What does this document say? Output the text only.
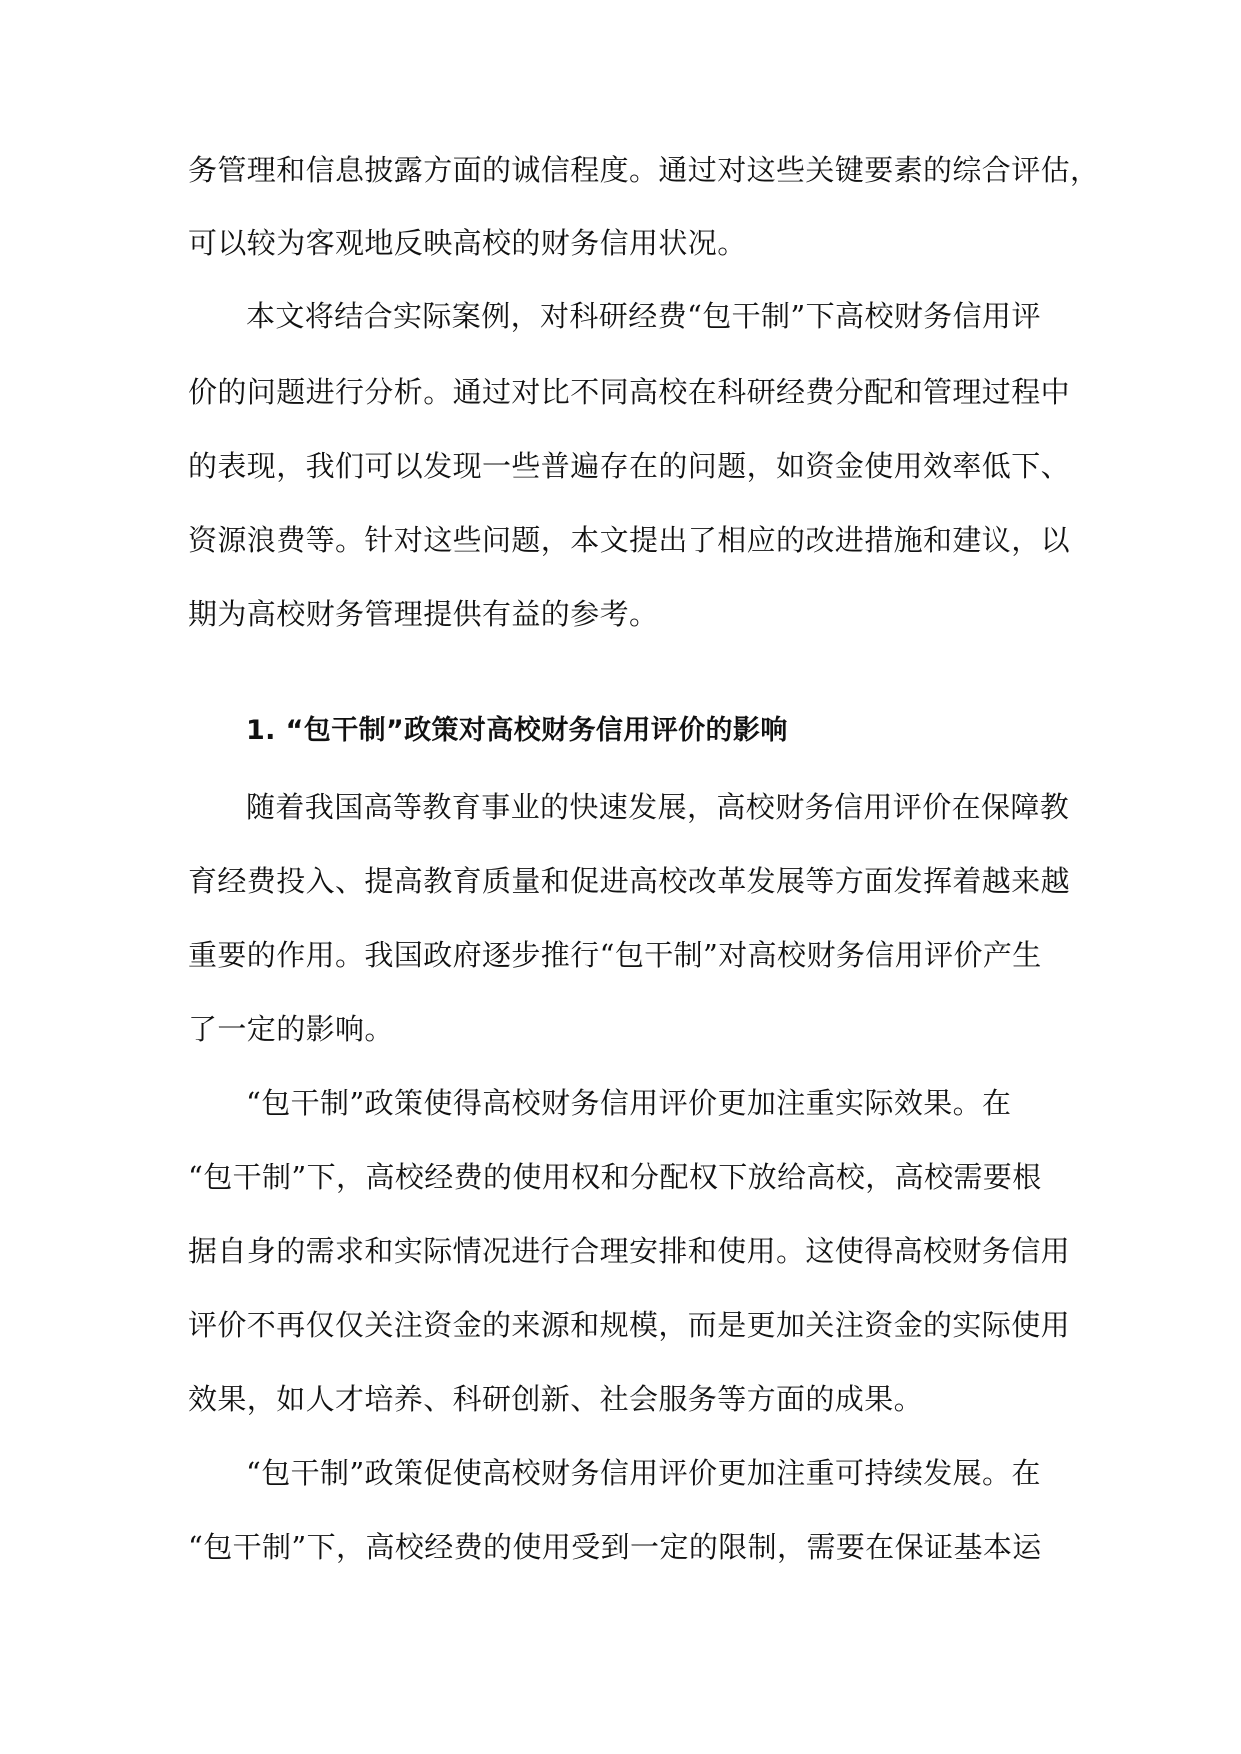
务管理和信息披露方面的诚信程度。通过对这些关键要素的综合评估，
可以较为客观地反映高校的财务信用状况。
本文将结合实际案例，对科研经费“包干制”下高校财务信用评
价的问题进行分析。通过对比不同高校在科研经费分配和管理过程中
的表现，我们可以发现一些普遍存在的问题，如资金使用效率低下、
资源浪费等。针对这些问题，本文提出了相应的改进措施和建议，以
期为高校财务管理提供有益的参考。
1. “包干制”政策对高校财务信用评价的影响
随着我国高等教育事业的快速发展，高校财务信用评价在保障教
育经费投入、提高教育质量和促进高校改革发展等方面发挥着越来越
重要的作用。我国政府逐步推行“包干制”对高校财务信用评价产生
了一定的影响。
“包干制”政策使得高校财务信用评价更加注重实际效果。在
“包干制”下，高校经费的使用权和分配权下放给高校，高校需要根
据自身的需求和实际情况进行合理安排和使用。这使得高校财务信用
评价不再仅仅关注资金的来源和规模，而是更加关注资金的实际使用
效果，如人才培养、科研创新、社会服务等方面的成果。
“包干制”政策促使高校财务信用评价更加注重可持续发展。在
“包干制”下，高校经费的使用受到一定的限制，需要在保证基本运
